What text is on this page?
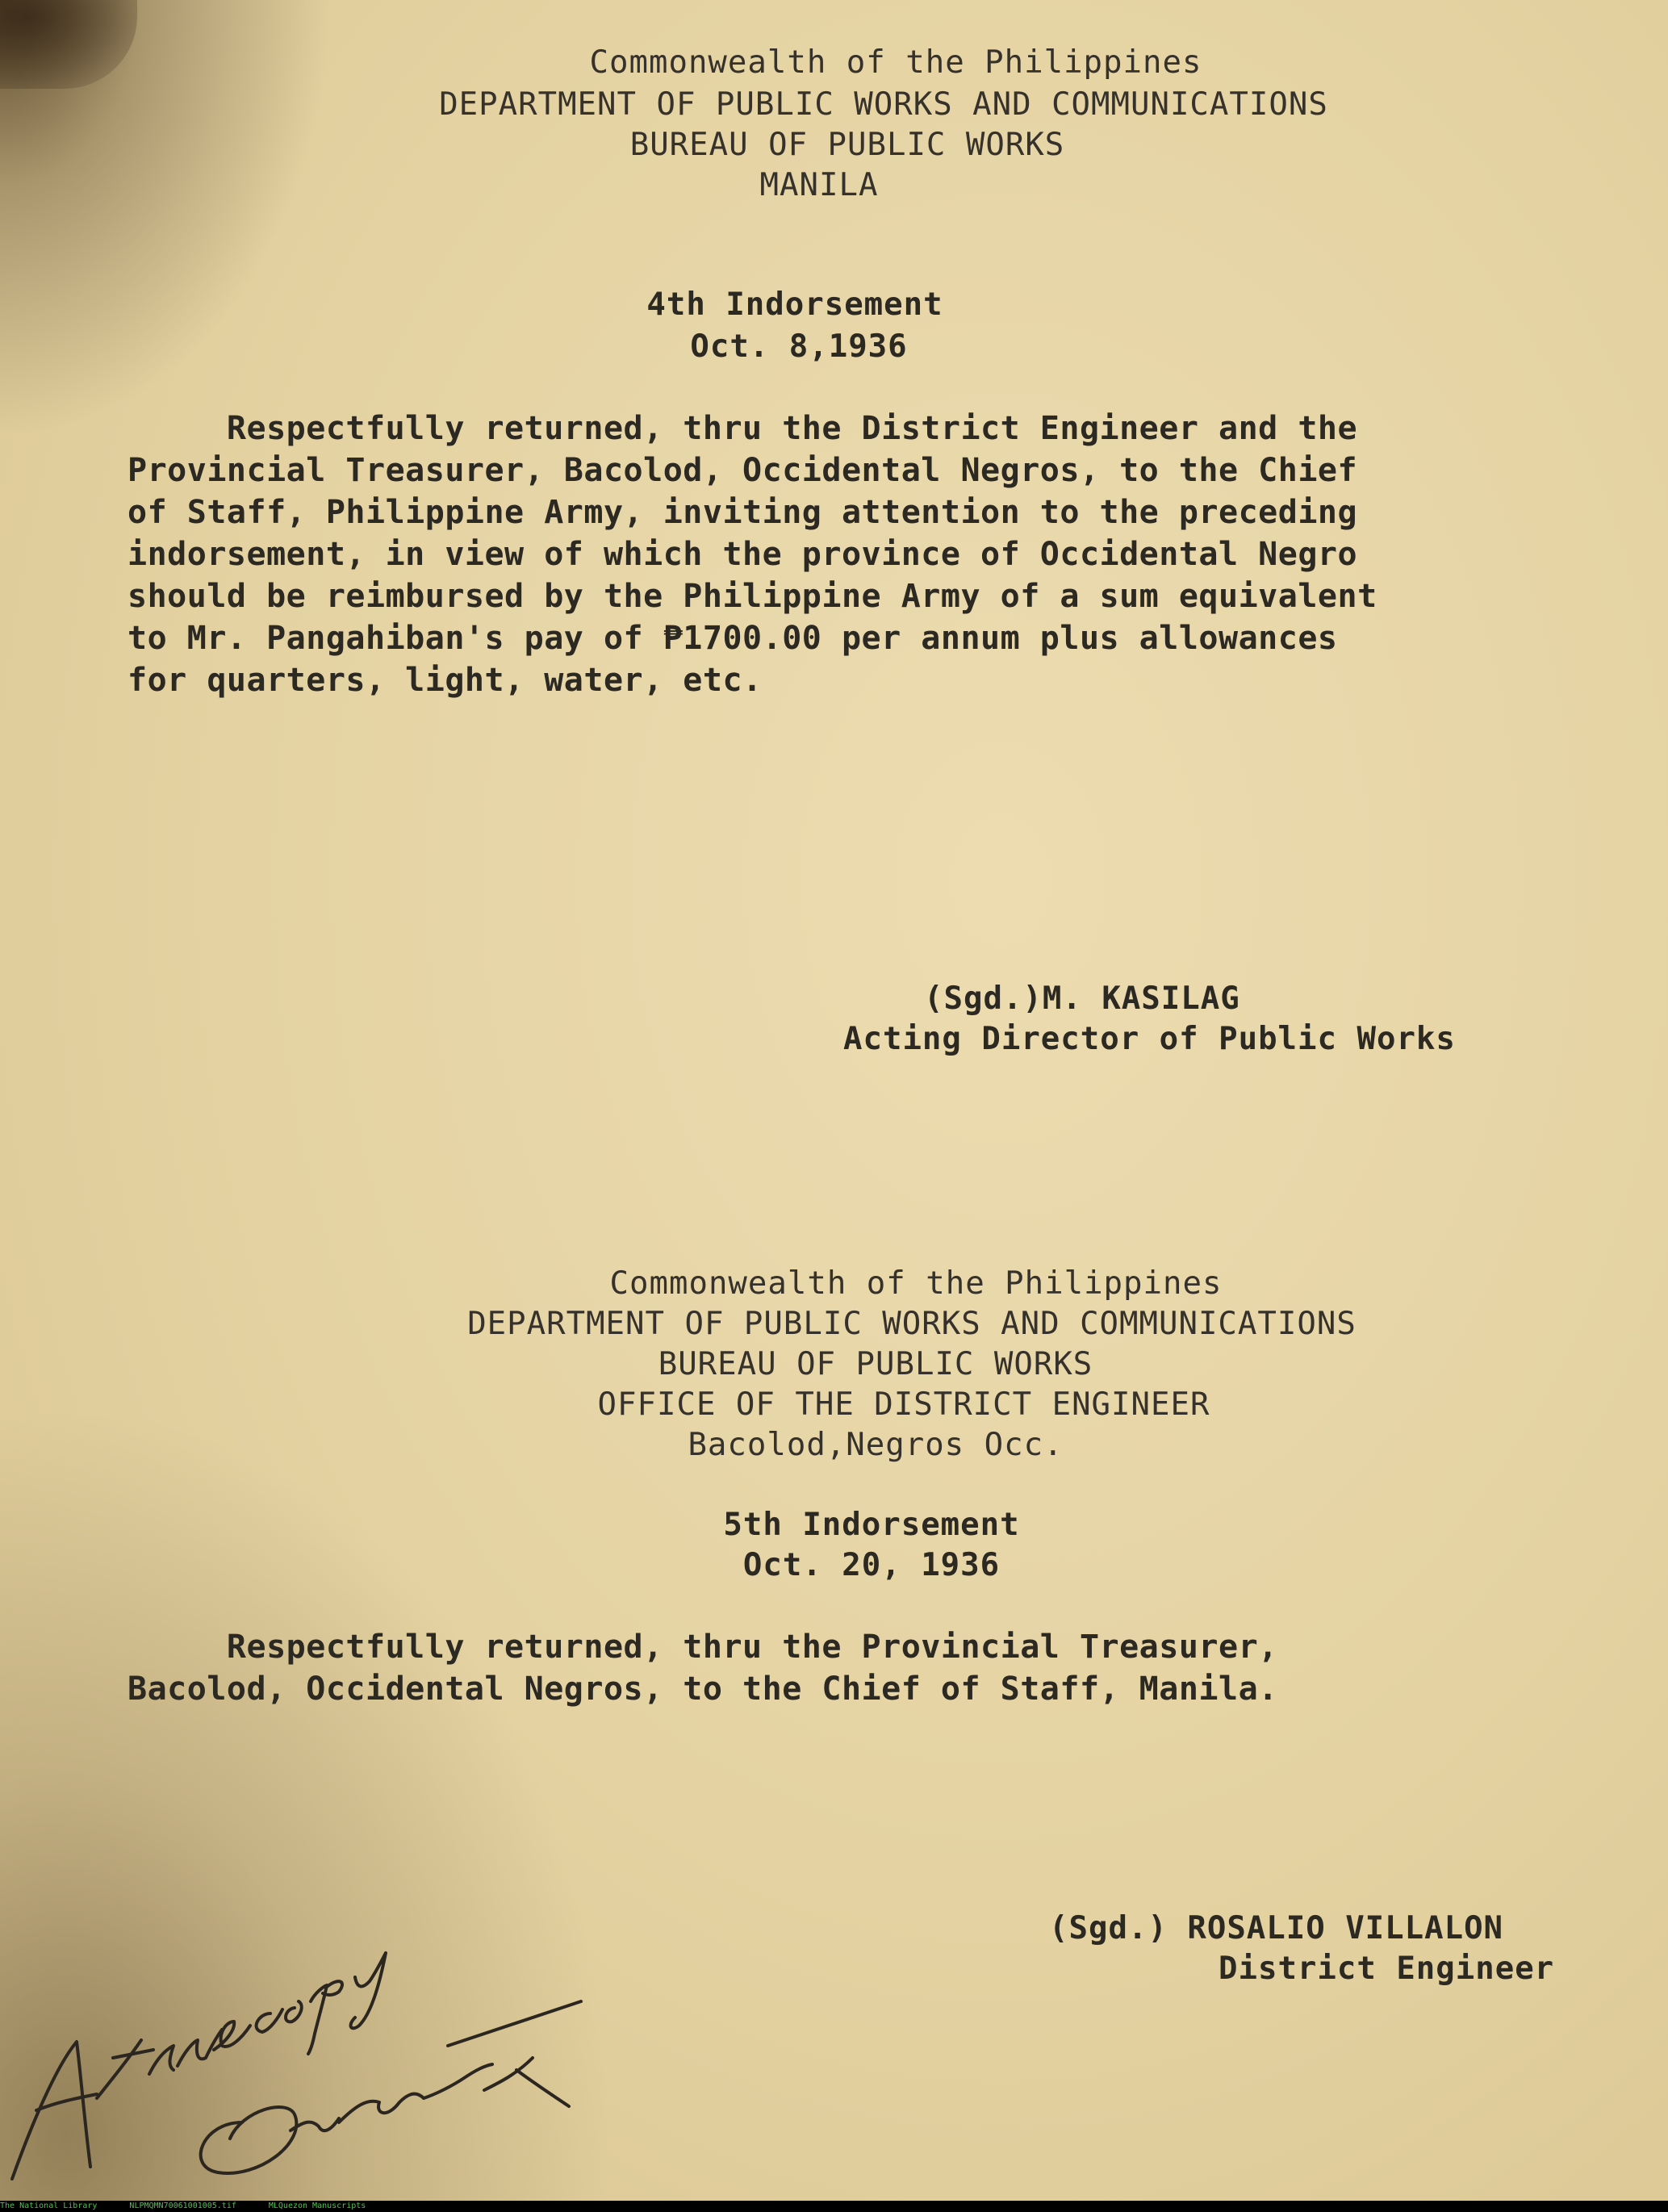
Commonwealth of the Philippines
DEPARTMENT OF PUBLIC WORKS AND COMMUNICATIONS
BUREAU OF PUBLIC WORKS
MANILA
4th Indorsement
Oct. 8,1936
Respectfully returned, thru the District Engineer and the
Provincial Treasurer, Bacolod, Occidental Negros, to the Chief
of Staff, Philippine Army, inviting attention to the preceding
indorsement, in view of which the province of Occidental Negro
should be reimbursed by the Philippine Army of a sum equivalent
to Mr. Pangahiban's pay of ₱1700.00 per annum plus allowances
for quarters, light, water, etc.
(Sgd.)M. KASILAG
Acting Director of Public Works
Commonwealth of the Philippines
DEPARTMENT OF PUBLIC WORKS AND COMMUNICATIONS
BUREAU OF PUBLIC WORKS
OFFICE OF THE DISTRICT ENGINEER
Bacolod,Negros Occ.
5th Indorsement
Oct. 20, 1936
Respectfully returned, thru the Provincial Treasurer,
Bacolod, Occidental Negros, to the Chief of Staff, Manila.
(Sgd.) ROSALIO VILLALON
District Engineer
The National Library	NLPMQMN70061001005.tif	MLQuezon Manuscripts
